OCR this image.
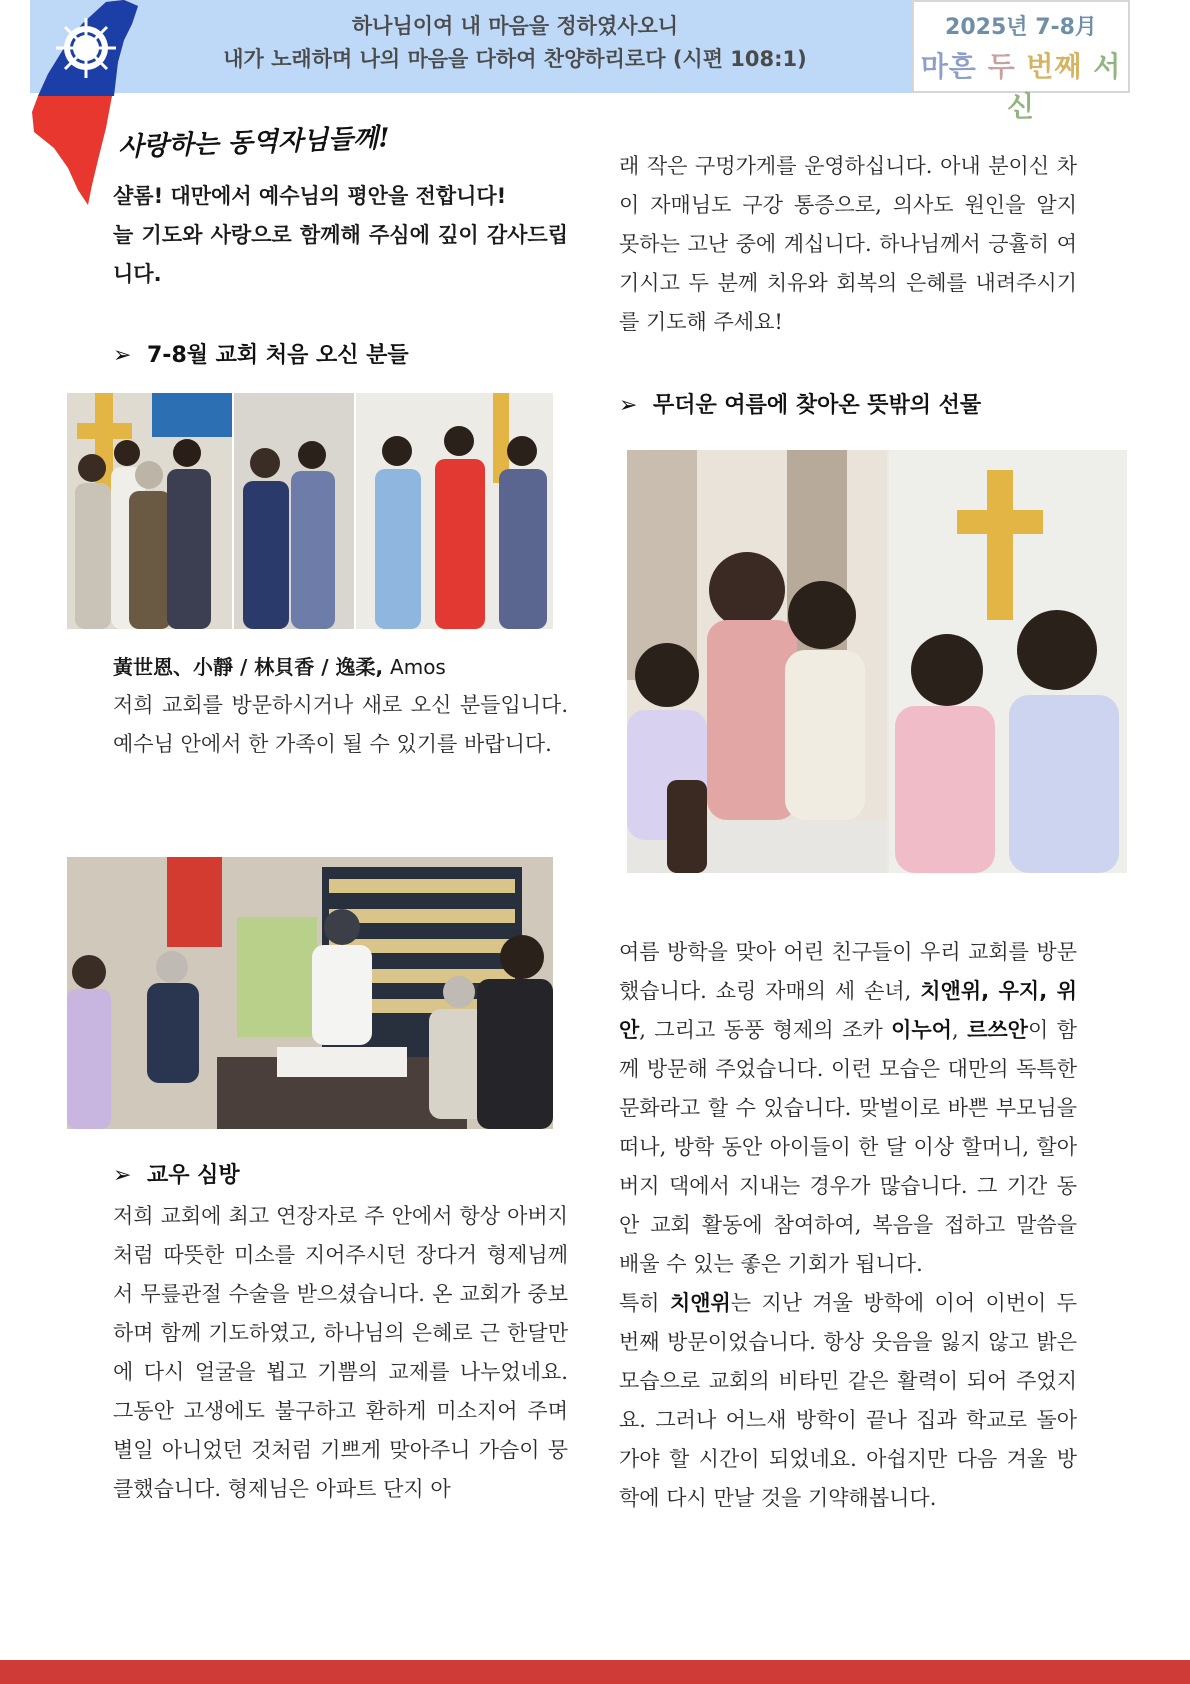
하나님이여 내 마음을 정하였사오니
내가 노래하며 나의 마음을 다하여 찬양하리로다 (시편 108:1)
2025년 7-8月
마흔 두 번째 서신
사랑하는 동역자님들께!
샬롬! 대만에서 예수님의 평안을 전합니다!
늘 기도와 사랑으로 함께해 주심에 깊이 감사드립니다.
➢ 7-8월 교회 처음 오신 분들
黃世恩、小靜 / 林貝香 / 逸柔, Amos
저희 교회를 방문하시거나 새로 오신 분들입니다. 예수님 안에서 한 가족이 될 수 있기를 바랍니다.
➢ 교우 심방
저희 교회에 최고 연장자로 주 안에서 항상 아버지처럼 따뜻한 미소를 지어주시던 장다거 형제님께서 무릎관절 수술을 받으셨습니다. 온 교회가 중보하며 함께 기도하였고, 하나님의 은혜로 근 한달만에 다시 얼굴을 뵙고 기쁨의 교제를 나누었네요. 그동안 고생에도 불구하고 환하게 미소지어 주며 별일 아니었던 것처럼 기쁘게 맞아주니 가슴이 뭉클했습니다. 형제님은 아파트 단지 아
래 작은 구멍가게를 운영하십니다. 아내 분이신 차이 자매님도 구강 통증으로, 의사도 원인을 알지 못하는 고난 중에 계십니다. 하나님께서 긍휼히 여기시고 두 분께 치유와 회복의 은혜를 내려주시기를 기도해 주세요!
➢ 무더운 여름에 찾아온 뜻밖의 선물
여름 방학을 맞아 어린 친구들이 우리 교회를 방문했습니다. 쇼링 자매의 세 손녀, 치앤위, 우지, 위안, 그리고 동풍 형제의 조카 이누어, 르쓰안이 함께 방문해 주었습니다. 이런 모습은 대만의 독특한 문화라고 할 수 있습니다. 맞벌이로 바쁜 부모님을 떠나, 방학 동안 아이들이 한 달 이상 할머니, 할아버지 댁에서 지내는 경우가 많습니다. 그 기간 동안 교회 활동에 참여하여, 복음을 접하고 말씀을 배울 수 있는 좋은 기회가 됩니다.
특히 치앤위는 지난 겨울 방학에 이어 이번이 두 번째 방문이었습니다. 항상 웃음을 잃지 않고 밝은 모습으로 교회의 비타민 같은 활력이 되어 주었지요. 그러나 어느새 방학이 끝나 집과 학교로 돌아가야 할 시간이 되었네요. 아쉽지만 다음 겨울 방학에 다시 만날 것을 기약해봅니다.
